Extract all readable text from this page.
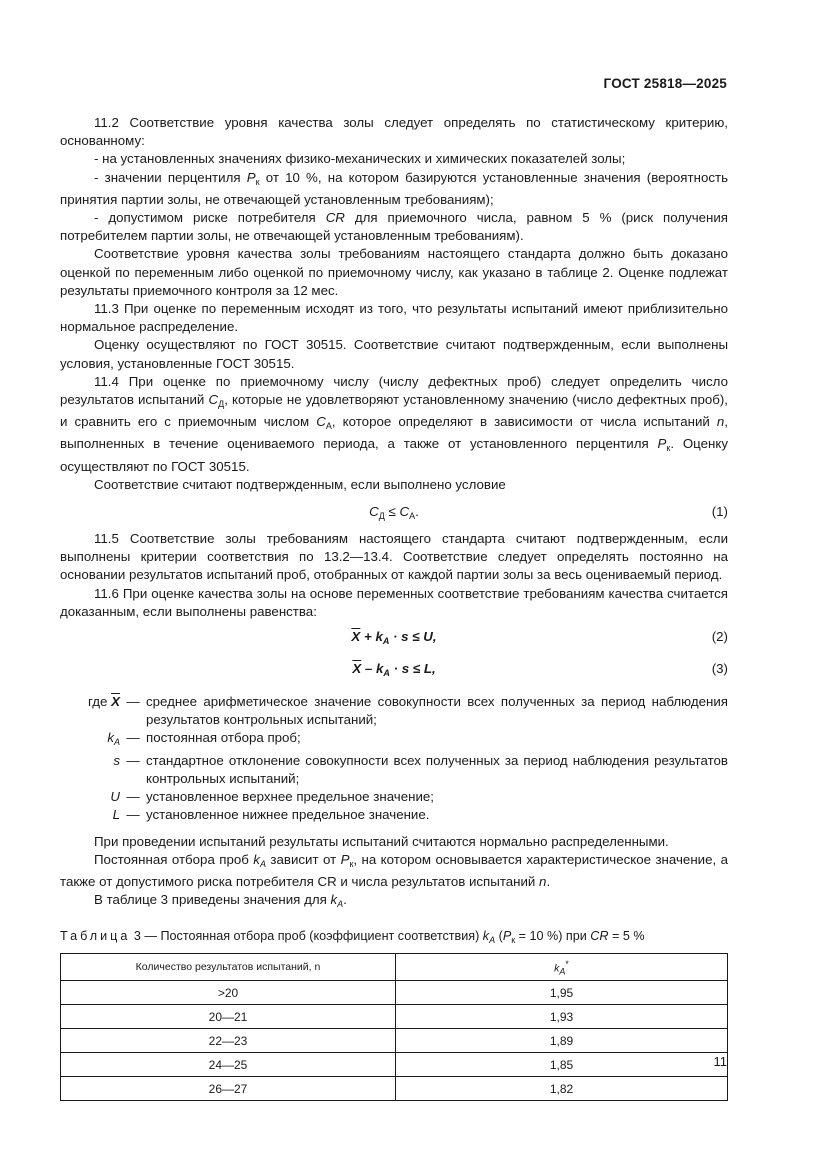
ГОСТ 25818—2025

11.2 Соответствие уровня качества золы следует определять по статистическому критерию, основанному:

- на установленных значениях физико-механических и химических показателей золы;

- значении перцентиля $P_к$ от 10 %, на котором базируются установленные значения (вероятность принятия партии золы, не отвечающей установленным требованиям);

- допустимом риске потребителя CR для приемочного числа, равном 5 % (риск получения потребителем партии золы, не отвечающей установленным требованиям).

Соответствие уровня качества золы требованиям настоящего стандарта должно быть доказано оценкой по переменным либо оценкой по приемочному числу, как указано в таблице 2. Оценке подлежат результаты приемочного контроля за 12 мес.

11.3 При оценке по переменным исходят из того, что результаты испытаний имеют приблизительно нормальное распределение.

Оценку осуществляют по ГОСТ 30515. Соответствие считают подтвержденным, если выполнены условия, установленные ГОСТ 30515.

11.4 При оценке по приемочному числу (числу дефектных проб) следует определить число результатов испытаний $C_Д$, которые не удовлетворяют установленному значению (число дефектных проб), и сравнить его с приемочным числом $C_A$, которое определяют в зависимости от числа испытаний n, выполненных в течение оцениваемого периода, а также от установленного перцентиля $P_к$. Оценку осуществляют по ГОСТ 30515.

Соответствие считают подтвержденным, если выполнено условие

$C_Д \le C_A$.	(1)

11.5 Соответствие золы требованиям настоящего стандарта считают подтвержденным, если выполнены критерии соответствия по 13.2—13.4. Соответствие следует определять постоянно на основании результатов испытаний проб, отобранных от каждой партии золы за весь оцениваемый период.

11.6 При оценке качества золы на основе переменных соответствие требованиям качества считается доказанным, если выполнены равенства:

$\overline{X} + k_A \cdot s \le U$,	(2)
$\overline{X} - k_A \cdot s \le L$,	(3)
где $\overline{X}$ — среднее арифметическое значение совокупности всех полученных за период наблюдения результатов контрольных испытаний;
$k_A$ — постоянная отбора проб;
s — стандартное отклонение совокупности всех полученных за период наблюдения результатов контрольных испытаний;
U — установленное верхнее предельное значение;
L — установленное нижнее предельное значение.

При проведении испытаний результаты испытаний считаются нормально распределенными.

Постоянная отбора проб $k_A$ зависит от $P_к$, на котором основывается характеристическое значение, а также от допустимого риска потребителя CR и числа результатов испытаний n.

В таблице 3 приведены значения для $k_A$.

Таблица 3 — Постоянная отбора проб (коэффициент соответствия) $k_A$ ($P_к = 10$ %) при CR = 5 %
Количество результатов испытаний, n	$k_A^*$
>20	1,95
20—21	1,93
22—23	1,89
24—25	1,85
26—27	1,82
11
